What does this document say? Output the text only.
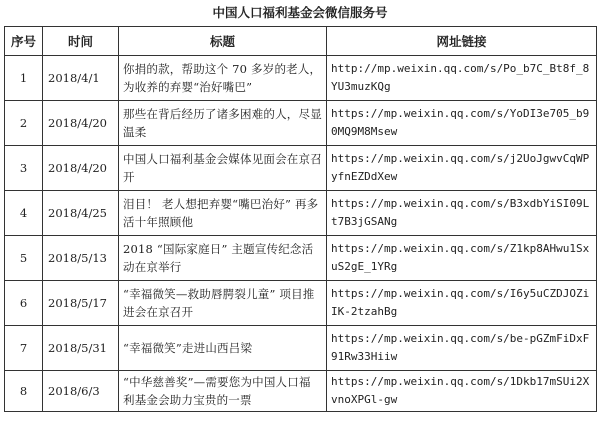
中国人口福利基金会微信服务号
序号	时间	标题	网址链接
1	2018/4/1	你捐的款，帮助这个 70 多岁的老人，为收养的弃婴“治好嘴巴”	http://mp.weixin.qq.com/s/Po_b7C_Bt8f_8YU3muzKQg
2	2018/4/20	那些在背后经历了诸多困难的人，尽显温柔	https://mp.weixin.qq.com/s/YoDI3e705_b90MQ9M8Msew
3	2018/4/20	中国人口福利基金会媒体见面会在京召开	https://mp.weixin.qq.com/s/j2UoJgwvCqWPyfnEZDdXew
4	2018/4/25	泪目！ 老人想把弃婴“嘴巴治好” 再多活十年照顾他	https://mp.weixin.qq.com/s/B3xdbYiSI09Lt7B3jGSANg
5	2018/5/13	2018 “国际家庭日” 主题宣传纪念活动在京举行	https://mp.weixin.qq.com/s/Z1kp8AHwu1SxuS2gE_1YRg
6	2018/5/17	“幸福微笑—救助唇腭裂儿童” 项目推进会在京召开	https://mp.weixin.qq.com/s/I6y5uCZDJOZiIK-2tzahBg
7	2018/5/31	“幸福微笑”走进山西吕梁	https://mp.weixin.qq.com/s/be-pGZmFiDxF91Rw33Hiiw
8	2018/6/3	“中华慈善奖”—需要您为中国人口福利基金会助力宝贵的一票	https://mp.weixin.qq.com/s/1Dkb17mSUi2XvnoXPGl-gw
